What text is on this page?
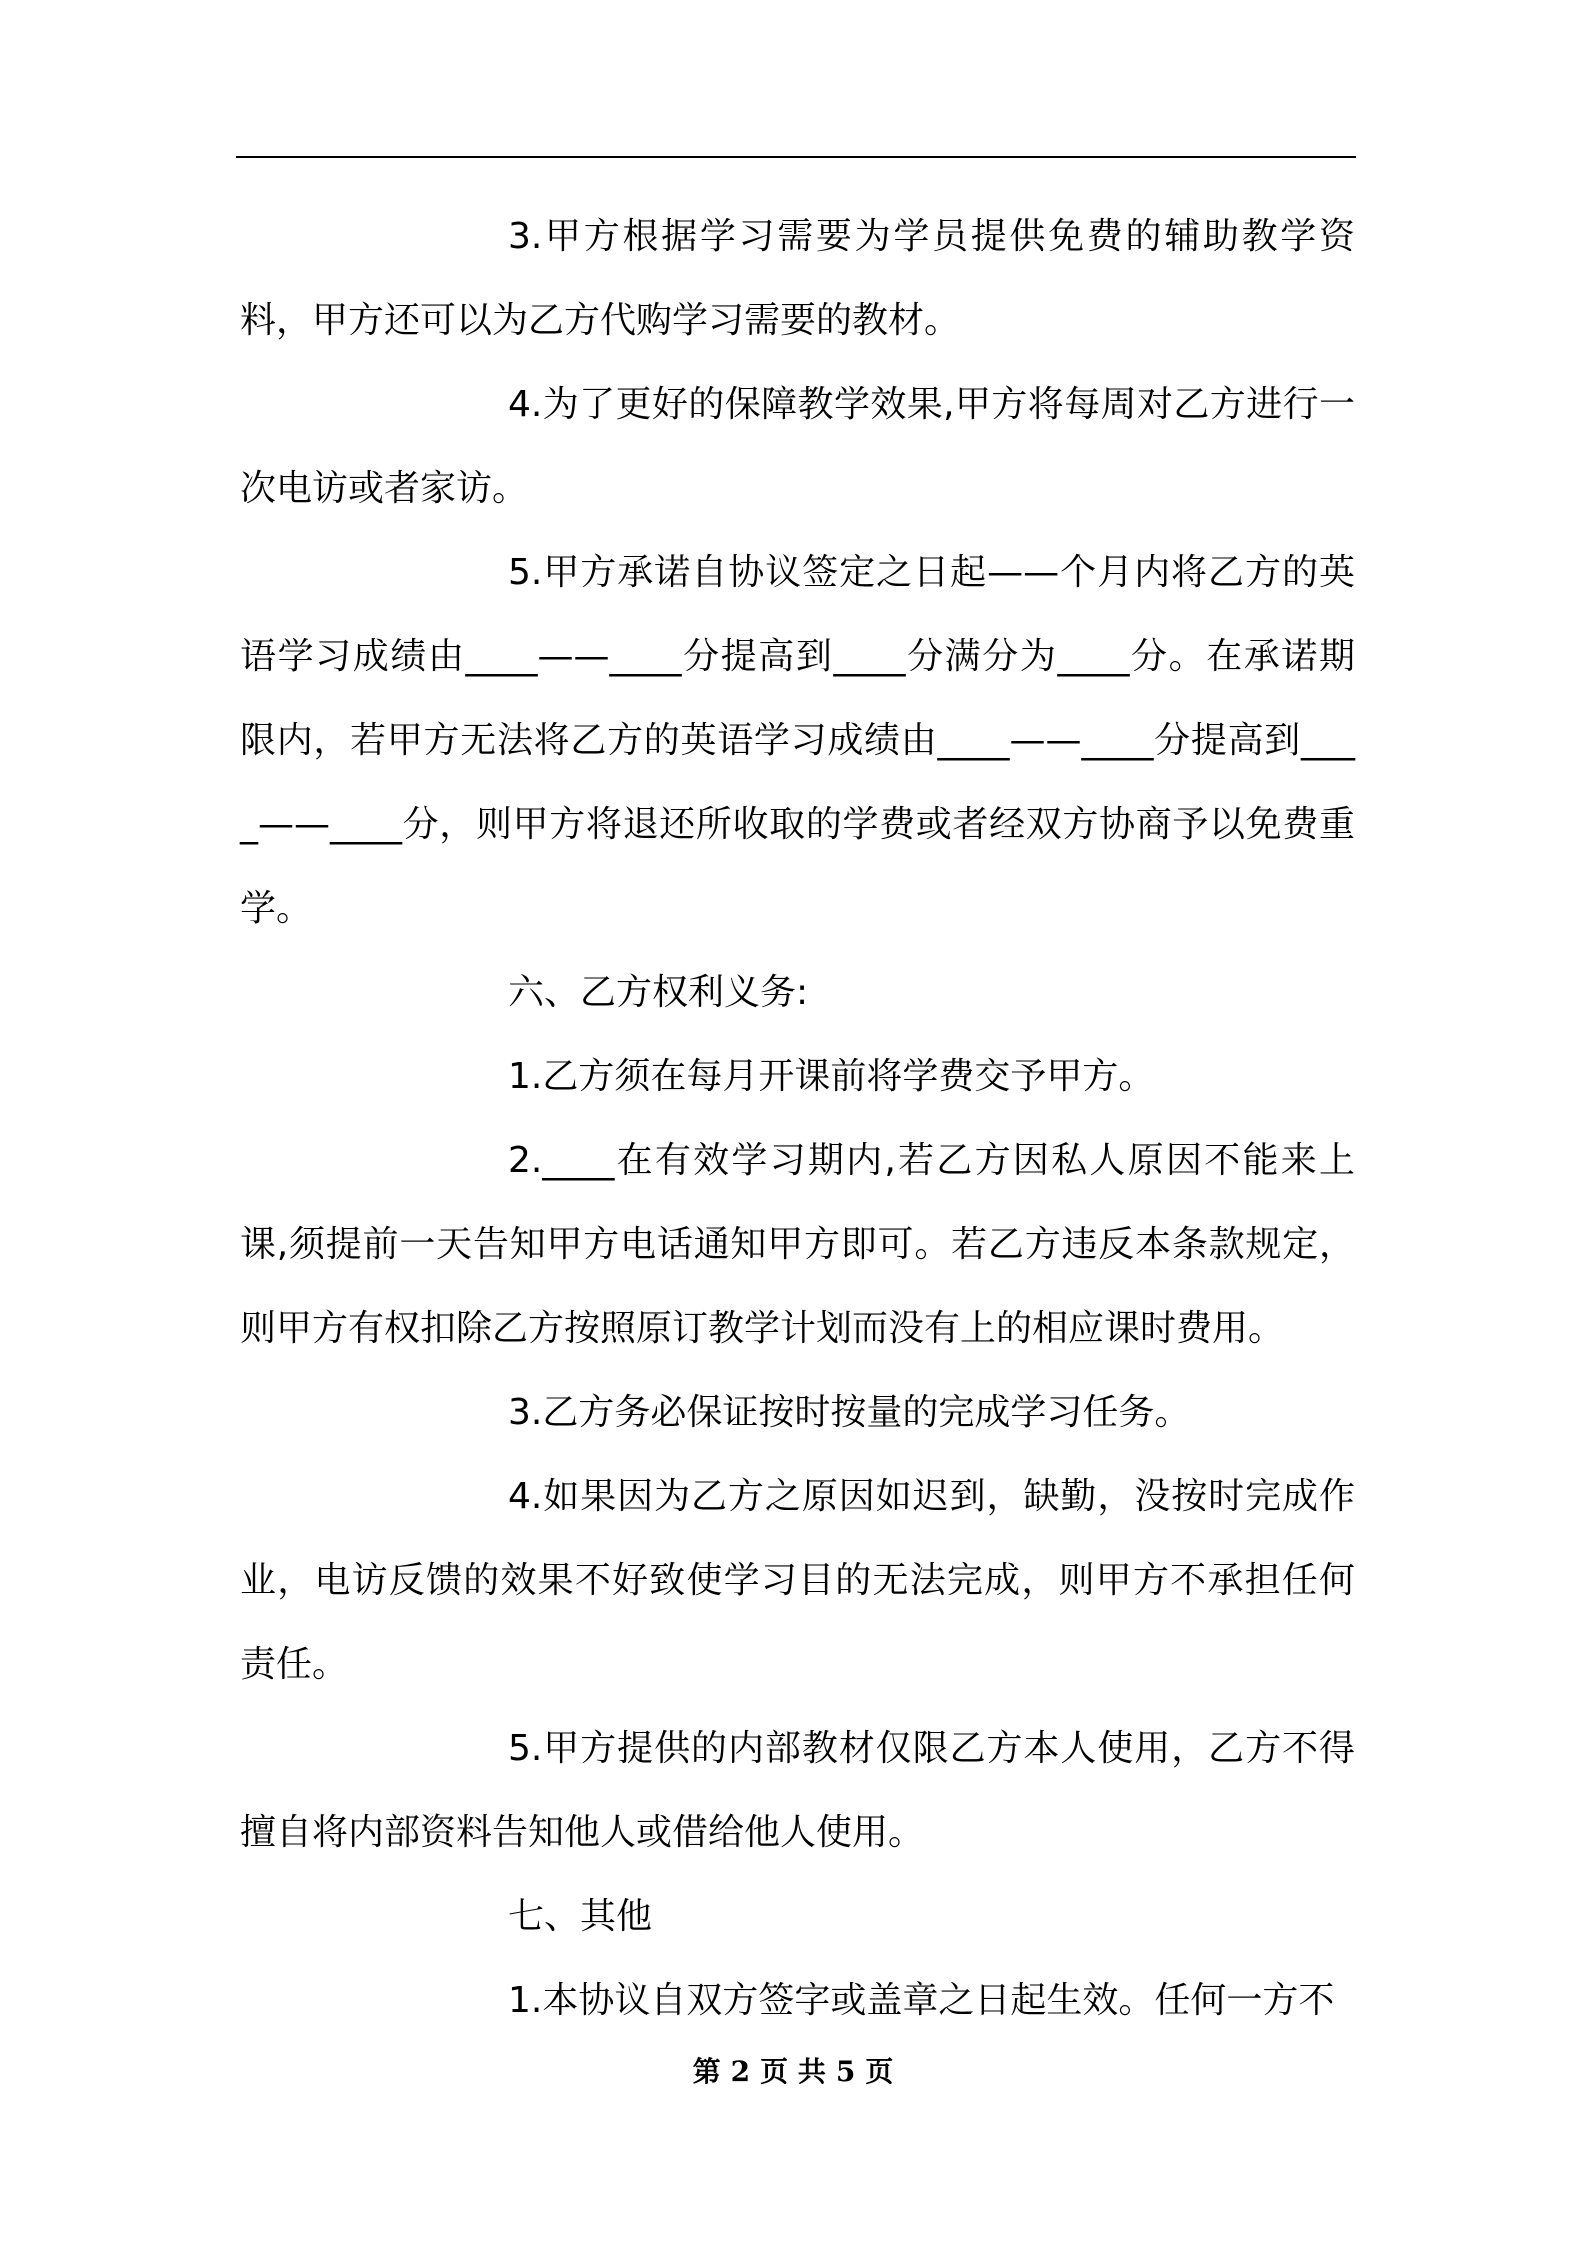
3.甲方根据学习需要为学员提供免费的辅助教学资料，甲方还可以为乙方代购学习需要的教材。

4.为了更好的保障教学效果,甲方将每周对乙方进行一次电访或者家访。

5.甲方承诺自协议签定之日起——个月内将乙方的英语学习成绩由____——____分提高到____分满分为____分。在承诺期限内，若甲方无法将乙方的英语学习成绩由____——____分提高到____——____分，则甲方将退还所收取的学费或者经双方协商予以免费重学。

六、乙方权利义务:

1.乙方须在每月开课前将学费交予甲方。

2.____在有效学习期内,若乙方因私人原因不能来上课,须提前一天告知甲方电话通知甲方即可。若乙方违反本条款规定，则甲方有权扣除乙方按照原订教学计划而没有上的相应课时费用。

3.乙方务必保证按时按量的完成学习任务。

4.如果因为乙方之原因如迟到，缺勤，没按时完成作业，电访反馈的效果不好致使学习目的无法完成，则甲方不承担任何责任。

5.甲方提供的内部教材仅限乙方本人使用，乙方不得擅自将内部资料告知他人或借给他人使用。

七、其他

1.本协议自双方签字或盖章之日起生效。任何一方不

第 2 页 共 5 页
